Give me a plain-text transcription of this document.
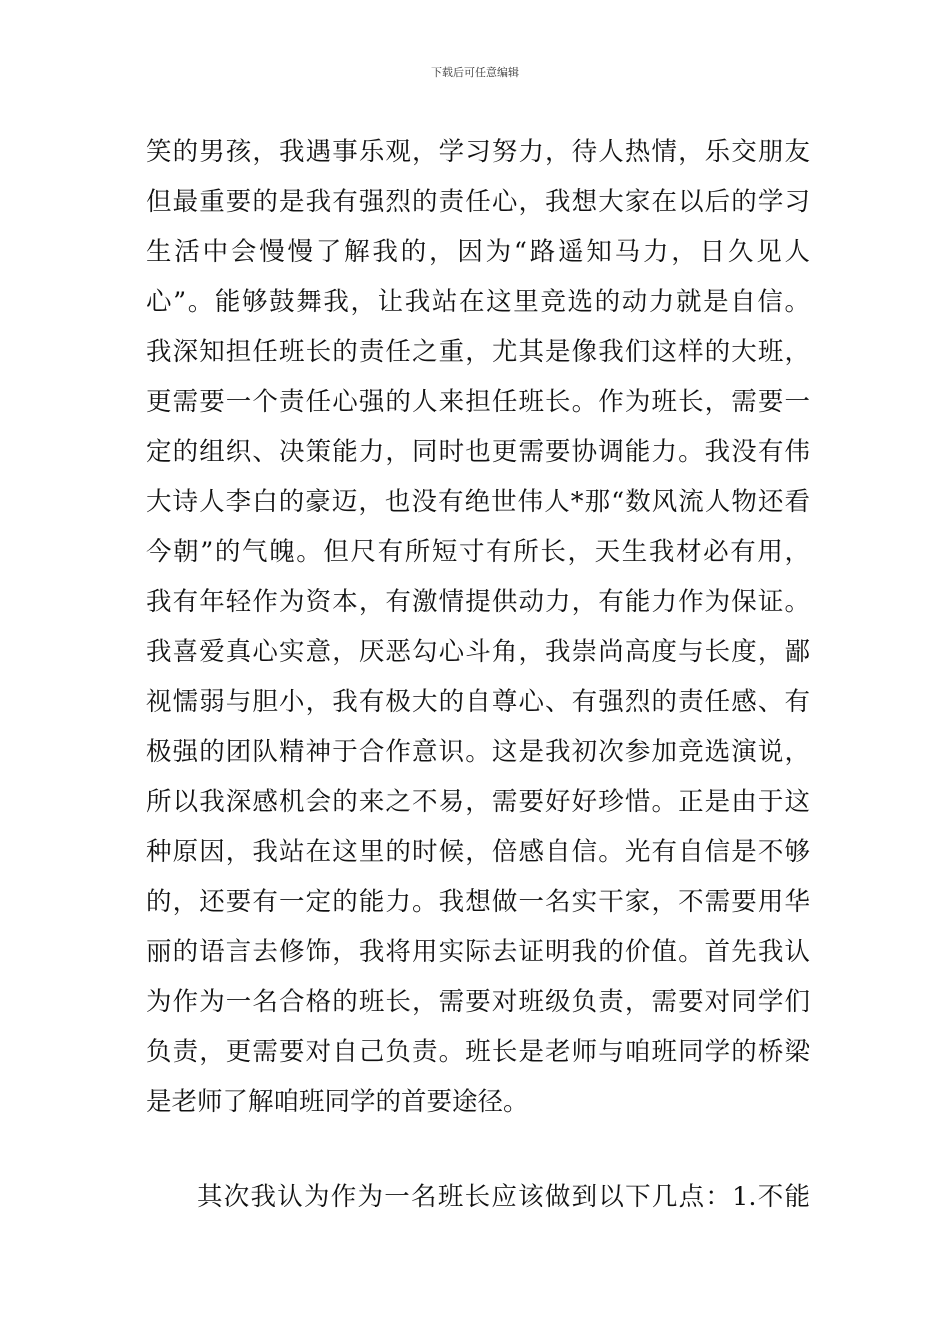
下载后可任意编辑
笑的男孩，我遇事乐观，学习努力，待人热情，乐交朋友
但最重要的是我有强烈的责任心，我想大家在以后的学习
生活中会慢慢了解我的，因为“路遥知马力，日久见人
心”。能够鼓舞我，让我站在这里竞选的动力就是自信。
我深知担任班长的责任之重，尤其是像我们这样的大班，
更需要一个责任心强的人来担任班长。作为班长，需要一
定的组织、决策能力，同时也更需要协调能力。我没有伟
大诗人李白的豪迈，也没有绝世伟人*那“数风流人物还看
今朝”的气魄。但尺有所短寸有所长，天生我材必有用，
我有年轻作为资本，有激情提供动力，有能力作为保证。
我喜爱真心实意，厌恶勾心斗角，我崇尚高度与长度，鄙
视懦弱与胆小，我有极大的自尊心、有强烈的责任感、有
极强的团队精神于合作意识。这是我初次参加竞选演说，
所以我深感机会的来之不易，需要好好珍惜。正是由于这
种原因，我站在这里的时候，倍感自信。光有自信是不够
的，还要有一定的能力。我想做一名实干家，不需要用华
丽的语言去修饰，我将用实际去证明我的价值。首先我认
为作为一名合格的班长，需要对班级负责，需要对同学们
负责，更需要对自己负责。班长是老师与咱班同学的桥梁
是老师了解咱班同学的首要途径。
其次我认为作为一名班长应该做到以下几点：1.不能
